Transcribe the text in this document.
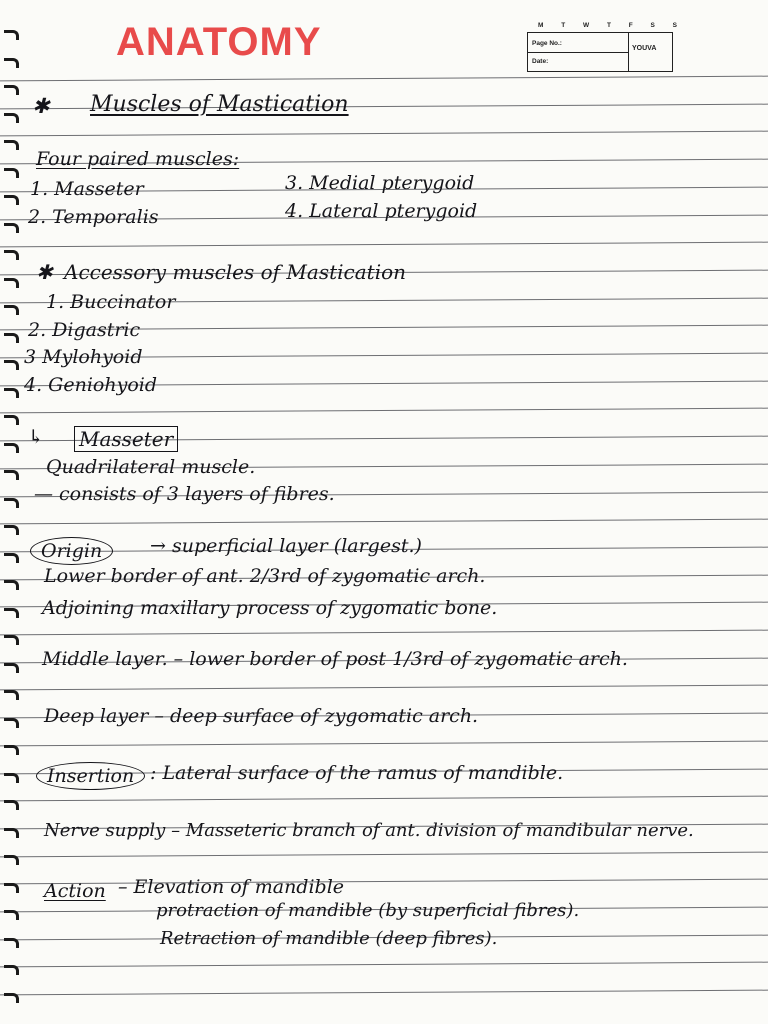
ANATOMY	M T W T F S S
Page No.:
Date:
YOUVA
✱ Muscles of Mastication
Four paired muscles:
1. Masseter
2. Temporalis
3. Medial pterygoid
4. Lateral pterygoid
✱ Accessory muscles of Mastication
1. Buccinator
2. Digastric
3 Mylohyoid
4. Geniohyoid
↳ Masseter
Quadrilateral muscle.
— consists of 3 layers of fibres.
Origin	→ superficial layer (largest.)
Lower border of ant. 2/3rd of zygomatic arch.
Adjoining maxillary process of zygomatic bone.
Middle layer. – lower border of post 1/3rd of zygomatic arch.
Deep layer – deep surface of zygomatic arch.
Insertion : Lateral surface of the ramus of mandible.
Nerve supply – Masseteric branch of ant. division of mandibular nerve.
Action – Elevation of mandible
protraction of mandible (by superficial fibres).
Retraction of mandible (deep fibres).
